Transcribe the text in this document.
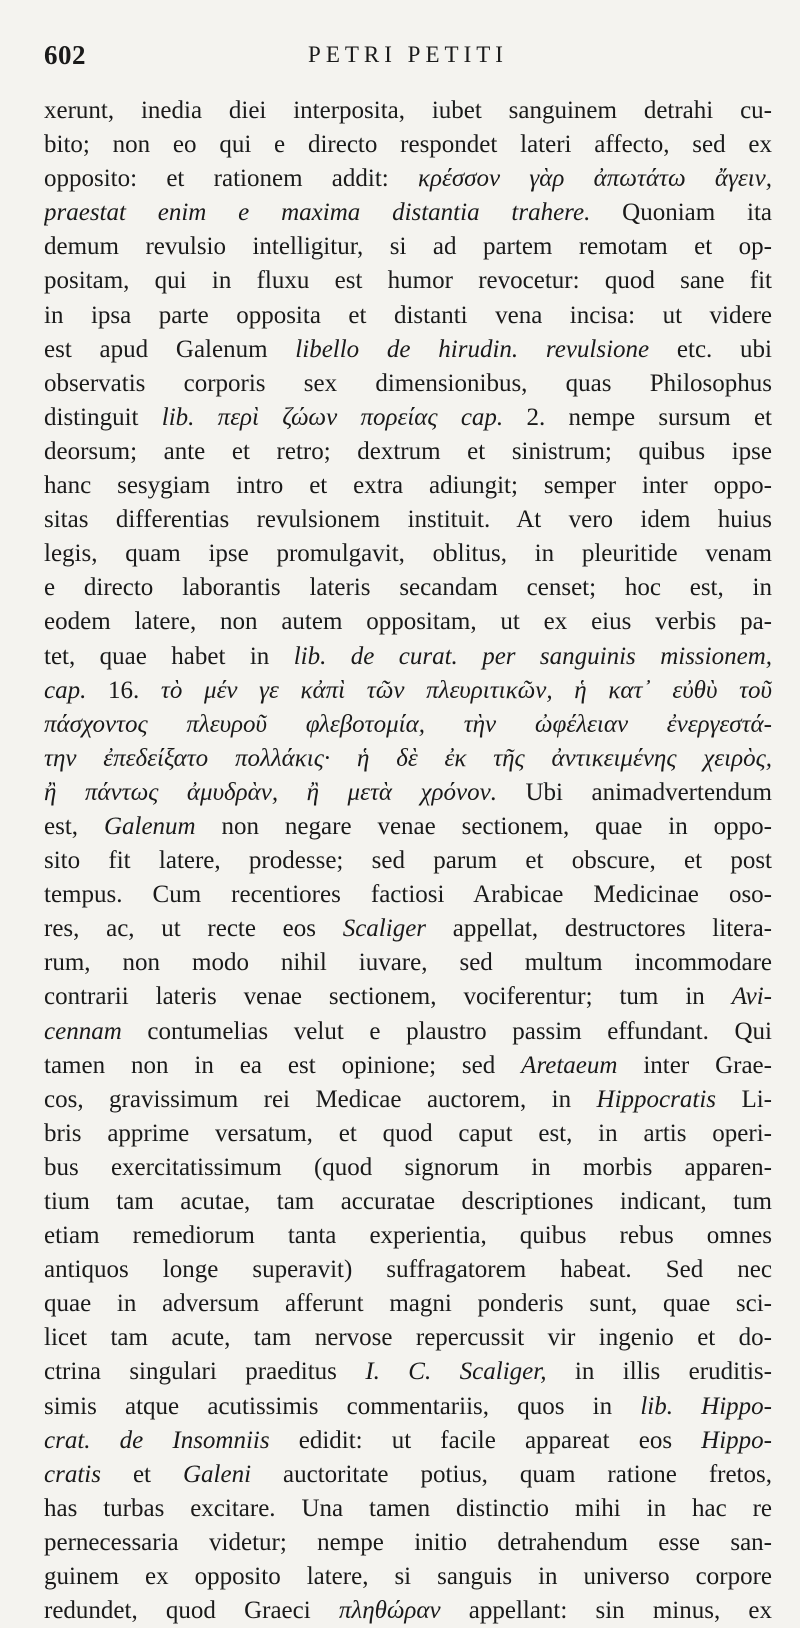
602	PETRI PETITI
xerunt, inedia diei interposita, iubet sanguinem detrahi cu-
bito; non eo qui e directo respondet lateri affecto, sed ex
opposito: et rationem addit: κρέσσον γὰρ ἀπωτάτω ἄγειν,
praestat enim e maxima distantia trahere. Quoniam ita
demum revulsio intelligitur, si ad partem remotam et op-
positam, qui in fluxu est humor revocetur: quod sane fit
in ipsa parte opposita et distanti vena incisa: ut videre
est apud Galenum libello de hirudin. revulsione etc. ubi
observatis corporis sex dimensionibus, quas Philosophus
distinguit lib. περὶ ζώων πορείας cap. 2. nempe sursum et
deorsum; ante et retro; dextrum et sinistrum; quibus ipse
hanc sesygiam intro et extra adiungit; semper inter oppo-
sitas differentias revulsionem instituit. At vero idem huius
legis, quam ipse promulgavit, oblitus, in pleuritide venam
e directo laborantis lateris secandam censet; hoc est, in
eodem latere, non autem oppositam, ut ex eius verbis pa-
tet, quae habet in lib. de curat. per sanguinis missionem,
cap. 16. τὸ μέν γε κἀπὶ τῶν πλευριτικῶν, ἡ κατ᾽ εὐθὺ τοῦ
πάσχοντος πλευροῦ φλεβοτομία, τὴν ὠφέλειαν ἐνεργεστά-
την ἐπεδείξατο πολλάκις· ἡ δὲ ἐκ τῆς ἀντικειμένης χειρὸς,
ἢ πάντως ἀμυδρὰν, ἢ μετὰ χρόνον. Ubi animadvertendum
est, Galenum non negare venae sectionem, quae in oppo-
sito fit latere, prodesse; sed parum et obscure, et post
tempus. Cum recentiores factiosi Arabicae Medicinae osо-
res, ac, ut recte eos Scaliger appellat, destructores litera-
rum, non modo nihil iuvare, sed multum incommodare
contrarii lateris venae sectionem, vociferentur; tum in Avi-
cennam contumelias velut e plaustro passim effundant. Qui
tamen non in ea est opinione; sed Aretaeum inter Grae-
cos, gravissimum rei Medicae auctorem, in Hippocratis Li-
bris apprime versatum, et quod caput est, in artis operi-
bus exercitatissimum (quod signorum in morbis apparen-
tium tam acutae, tam accuratae descriptiones indicant, tum
etiam remediorum tanta experientia, quibus rebus omnes
antiquos longe superavit) suffragatorem habeat. Sed nec
quae in adversum afferunt magni ponderis sunt, quae sci-
licet tam acute, tam nervose repercussit vir ingenio et do-
ctrina singulari praeditus I. C. Scaliger, in illis eruditis-
simis atque acutissimis commentariis, quos in lib. Hippo-
crat. de Insomniis edidit: ut facile appareat eos Hippo-
cratis et Galeni auctoritate potius, quam ratione fretos,
has turbas excitare. Una tamen distinctio mihi in hac re
pernecessaria videtur; nempe initio detrahendum esse san-
guinem ex opposito latere, si sanguis in universo corpore
redundet, quod Graeci πληθώραν appellant: sin minus, ex
